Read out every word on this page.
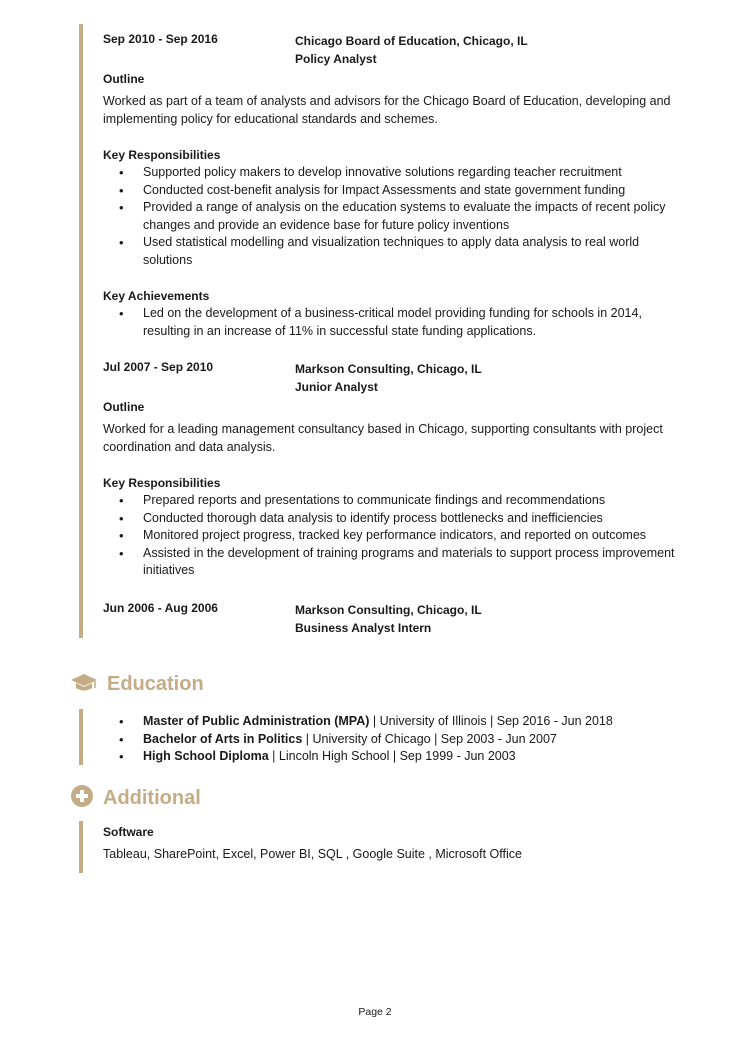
Sep 2010 - Sep 2016	Chicago Board of Education, Chicago, IL
Policy Analyst
Outline
Worked as part of a team of analysts and advisors for the Chicago Board of Education, developing and implementing policy for educational standards and schemes.
Key Responsibilities
• Supported policy makers to develop innovative solutions regarding teacher recruitment
• Conducted cost-benefit analysis for Impact Assessments and state government funding
• Provided a range of analysis on the education systems to evaluate the impacts of recent policy changes and provide an evidence base for future policy inventions
• Used statistical modelling and visualization techniques to apply data analysis to real world solutions
Key Achievements
• Led on the development of a business-critical model providing funding for schools in 2014, resulting in an increase of 11% in successful state funding applications.
Jul 2007 - Sep 2010	Markson Consulting, Chicago, IL
Junior Analyst
Outline
Worked for a leading management consultancy based in Chicago, supporting consultants with project coordination and data analysis.
Key Responsibilities
• Prepared reports and presentations to communicate findings and recommendations
• Conducted thorough data analysis to identify process bottlenecks and inefficiencies
• Monitored project progress, tracked key performance indicators, and reported on outcomes
• Assisted in the development of training programs and materials to support process improvement initiatives
Jun 2006 - Aug 2006	Markson Consulting, Chicago, IL
Business Analyst Intern
Education
• Master of Public Administration (MPA) | University of Illinois | Sep 2016 - Jun 2018
• Bachelor of Arts in Politics | University of Chicago | Sep 2003 - Jun 2007
• High School Diploma | Lincoln High School | Sep 1999 - Jun 2003
Additional
Software
Tableau, SharePoint, Excel, Power BI, SQL , Google Suite , Microsoft Office
Page 2
